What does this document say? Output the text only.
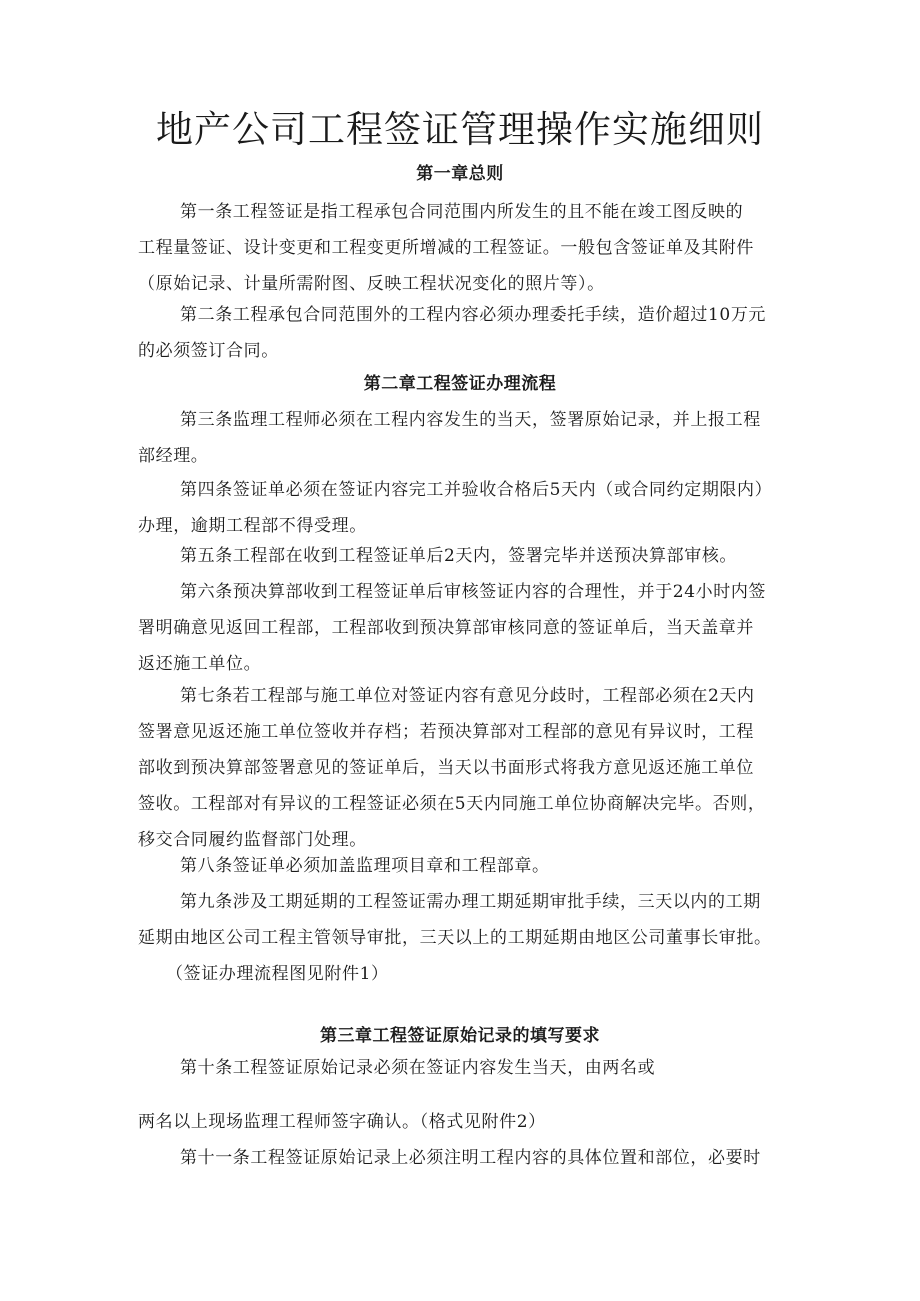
地产公司工程签证管理操作实施细则
第一章总则
第一条工程签证是指工程承包合同范围内所发生的且不能在竣工图反映的
工程量签证、设计变更和工程变更所增减的工程签证。一般包含签证单及其附件
（原始记录、计量所需附图、反映工程状况变化的照片等）。
第二条工程承包合同范围外的工程内容必须办理委托手续，造价超过10万元
的必须签订合同。
第二章工程签证办理流程
第三条监理工程师必须在工程内容发生的当天，签署原始记录，并上报工程
部经理。
第四条签证单必须在签证内容完工并验收合格后5天内（或合同约定期限内）
办理，逾期工程部不得受理。
第五条工程部在收到工程签证单后2天内，签署完毕并送预决算部审核。
第六条预决算部收到工程签证单后审核签证内容的合理性，并于24小时内签
署明确意见返回工程部，工程部收到预决算部审核同意的签证单后，当天盖章并
返还施工单位。
第七条若工程部与施工单位对签证内容有意见分歧时，工程部必须在2天内
签署意见返还施工单位签收并存档；若预决算部对工程部的意见有异议时，工程
部收到预决算部签署意见的签证单后，当天以书面形式将我方意见返还施工单位
签收。工程部对有异议的工程签证必须在5天内同施工单位协商解决完毕。否则，
移交合同履约监督部门处理。
第八条签证单必须加盖监理项目章和工程部章。
第九条涉及工期延期的工程签证需办理工期延期审批手续，三天以内的工期
延期由地区公司工程主管领导审批，三天以上的工期延期由地区公司董事长审批。
（签证办理流程图见附件1）
第三章工程签证原始记录的填写要求
第十条工程签证原始记录必须在签证内容发生当天，由两名或
两名以上现场监理工程师签字确认。（格式见附件2）
第十一条工程签证原始记录上必须注明工程内容的具体位置和部位，必要时
